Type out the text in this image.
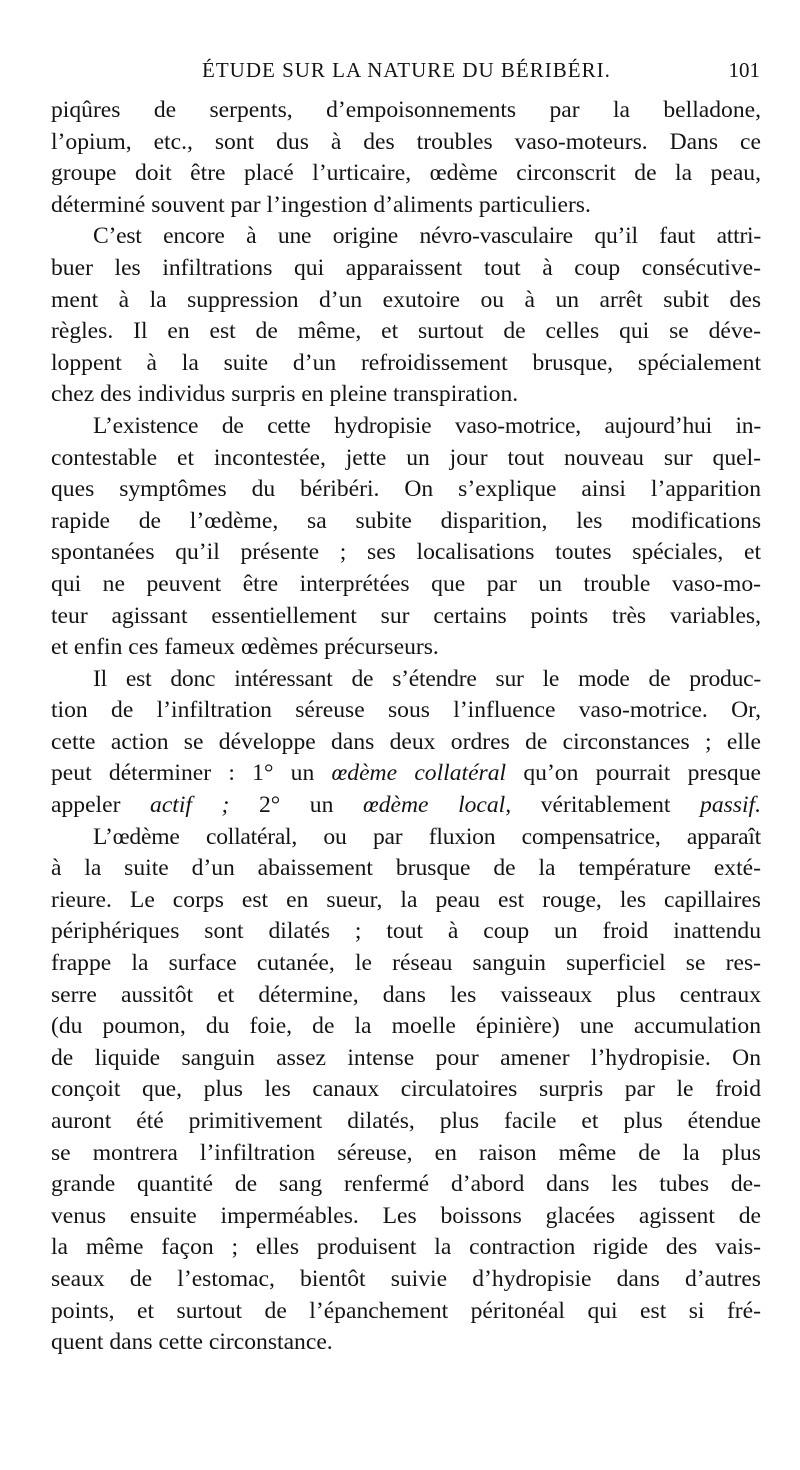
ÉTUDE SUR LA NATURE DU BÉRIBÉRI.	101

piqûres de serpents, d’empoisonnements par la belladone,
l’opium, etc., sont dus à des troubles vaso-moteurs. Dans ce
groupe doit être placé l’urticaire, œdème circonscrit de la peau,
déterminé souvent par l’ingestion d’aliments particuliers.

C’est encore à une origine névro-vasculaire qu’il faut attri-
buer les infiltrations qui apparaissent tout à coup consécutive-
ment à la suppression d’un exutoire ou à un arrêt subit des
règles. Il en est de même, et surtout de celles qui se déve-
loppent à la suite d’un refroidissement brusque, spécialement
chez des individus surpris en pleine transpiration.

L’existence de cette hydropisie vaso-motrice, aujourd’hui in-
contestable et incontestée, jette un jour tout nouveau sur quel-
ques symptômes du béribéri. On s’explique ainsi l’apparition
rapide de l’œdème, sa subite disparition, les modifications
spontanées qu’il présente ; ses localisations toutes spéciales, et
qui ne peuvent être interprétées que par un trouble vaso-mo-
teur agissant essentiellement sur certains points très variables,
et enfin ces fameux œdèmes précurseurs.

Il est donc intéressant de s’étendre sur le mode de produc-
tion de l’infiltration séreuse sous l’influence vaso-motrice. Or,
cette action se développe dans deux ordres de circonstances ; elle
peut déterminer : 1° un œdème collatéral qu’on pourrait presque
appeler actif ; 2° un œdème local, véritablement passif.

L’œdème collatéral, ou par fluxion compensatrice, apparaît
à la suite d’un abaissement brusque de la température exté-
rieure. Le corps est en sueur, la peau est rouge, les capillaires
périphériques sont dilatés ; tout à coup un froid inattendu
frappe la surface cutanée, le réseau sanguin superficiel se res-
serre aussitôt et détermine, dans les vaisseaux plus centraux
(du poumon, du foie, de la moelle épinière) une accumulation
de liquide sanguin assez intense pour amener l’hydropisie. On
conçoit que, plus les canaux circulatoires surpris par le froid
auront été primitivement dilatés, plus facile et plus étendue
se montrera l’infiltration séreuse, en raison même de la plus
grande quantité de sang renfermé d’abord dans les tubes de-
venus ensuite imperméables. Les boissons glacées agissent de
la même façon ; elles produisent la contraction rigide des vais-
seaux de l’estomac, bientôt suivie d’hydropisie dans d’autres
points, et surtout de l’épanchement péritonéal qui est si fré-
quent dans cette circonstance.
